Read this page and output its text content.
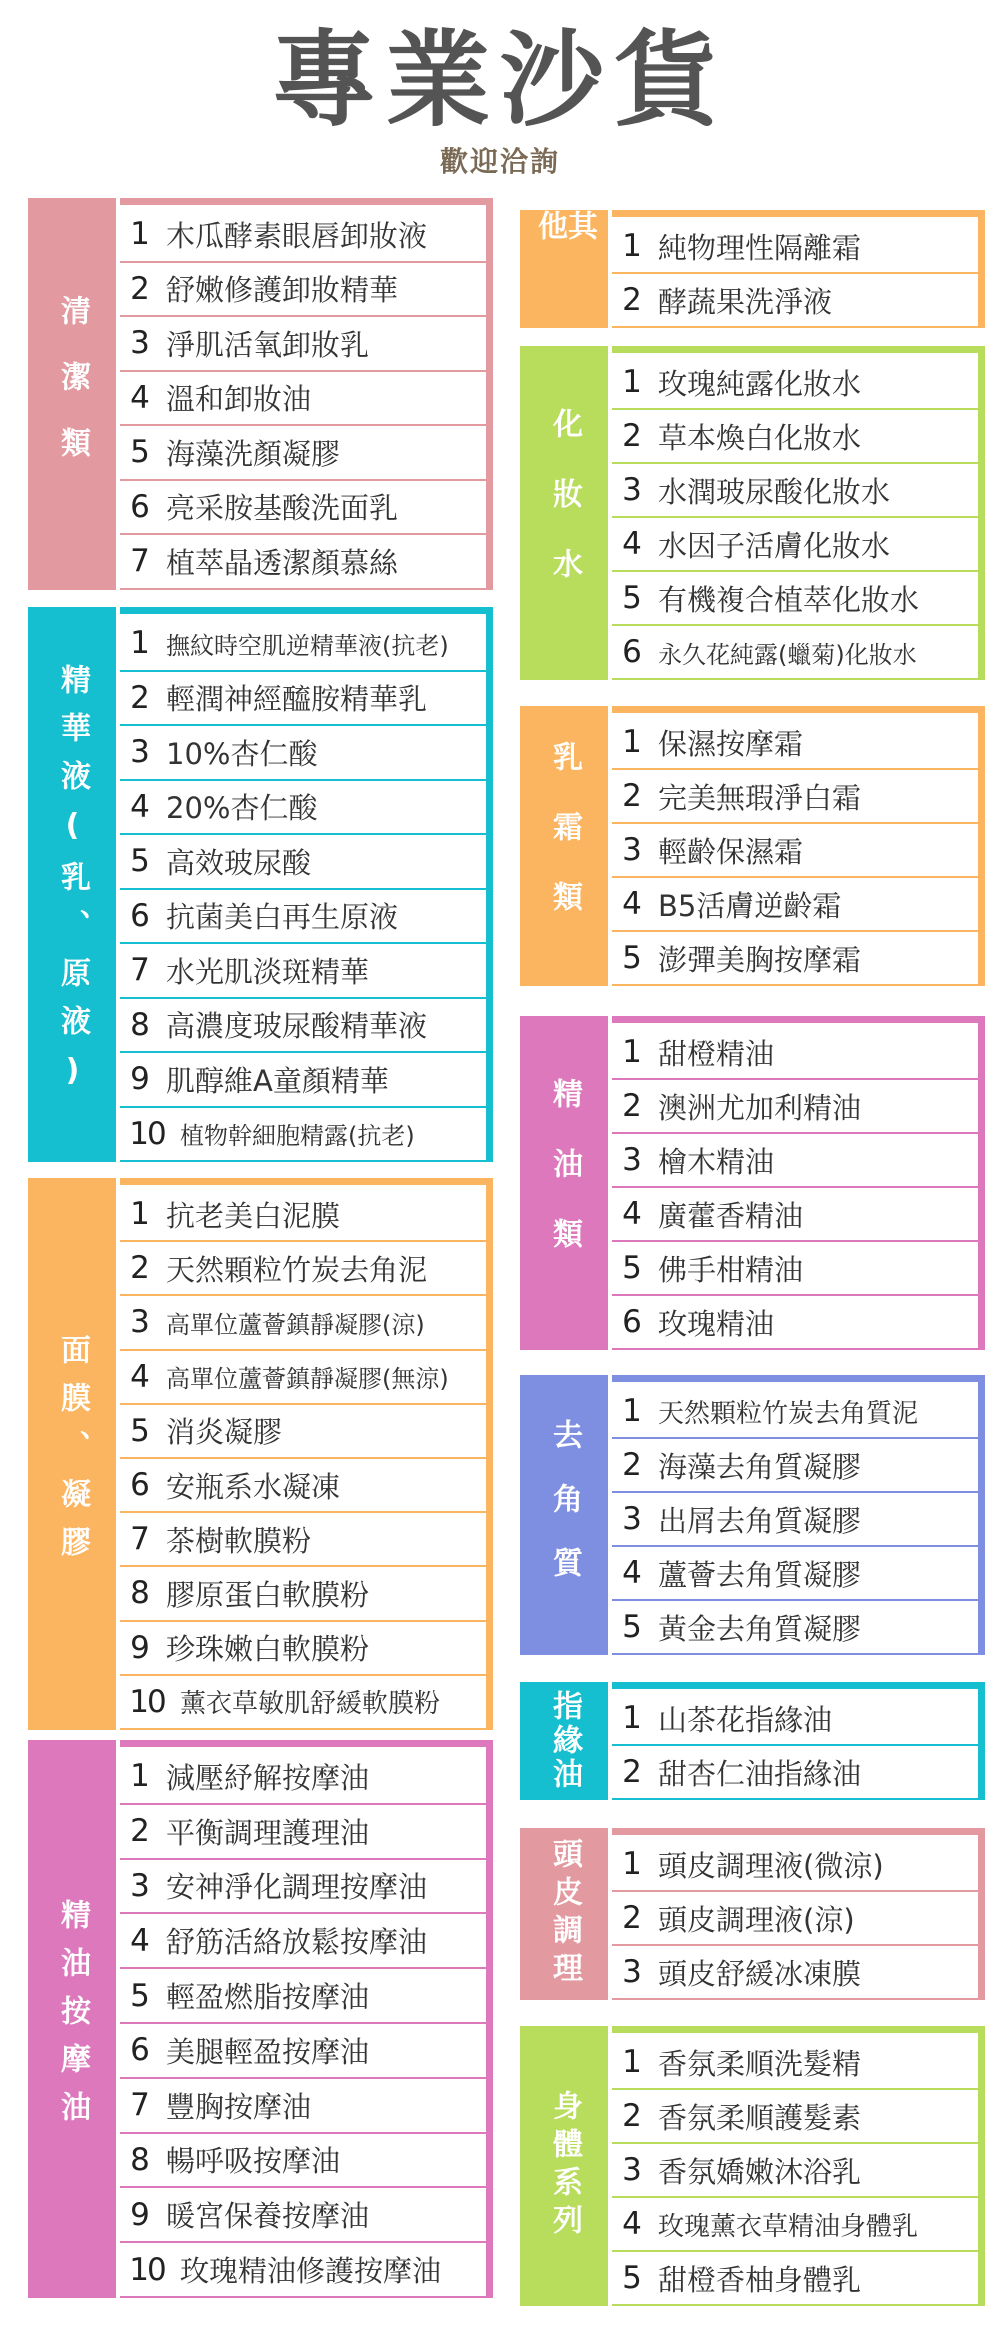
專業沙貨
歡迎洽詢
清潔類
1 木瓜酵素眼唇卸妝液
2 舒嫩修護卸妝精華
3 淨肌活氧卸妝乳
4 溫和卸妝油
5 海藻洗顏凝膠
6 亮采胺基酸洗面乳
7 植萃晶透潔顏慕絲
精華液(乳、原液)
1 撫紋時空肌逆精華液(抗老)
2 輕潤神經醯胺精華乳
3 10%杏仁酸
4 20%杏仁酸
5 高效玻尿酸
6 抗菌美白再生原液
7 水光肌淡斑精華
8 高濃度玻尿酸精華液
9 肌醇維A童顏精華
10 植物幹細胞精露(抗老)
面膜、凝膠
1 抗老美白泥膜
2 天然顆粒竹炭去角泥
3 高單位蘆薈鎮靜凝膠(涼)
4 高單位蘆薈鎮靜凝膠(無涼)
5 消炎凝膠
6 安瓶系水凝凍
7 茶樹軟膜粉
8 膠原蛋白軟膜粉
9 珍珠嫩白軟膜粉
10 薰衣草敏肌舒緩軟膜粉
精油按摩油
1 減壓紓解按摩油
2 平衡調理護理油
3 安神淨化調理按摩油
4 舒筋活絡放鬆按摩油
5 輕盈燃脂按摩油
6 美腿輕盈按摩油
7 豐胸按摩油
8 暢呼吸按摩油
9 暖宮保養按摩油
10 玫瑰精油修護按摩油
其他	1 純物理性隔離霜
2 酵蔬果洗淨液
化妝水
1 玫瑰純露化妝水
2 草本煥白化妝水
3 水潤玻尿酸化妝水
4 水因子活膚化妝水
5 有機複合植萃化妝水
6 永久花純露(蠟菊)化妝水
乳霜類	1 保濕按摩霜
2 完美無瑕淨白霜
3 輕齡保濕霜
4 B5活膚逆齡霜
5 澎彈美胸按摩霜
精油類
1 甜橙精油
2 澳洲尤加利精油
3 檜木精油
4 廣藿香精油
5 佛手柑精油
6 玫瑰精油
去角質
1 天然顆粒竹炭去角質泥
2 海藻去角質凝膠
3 出屑去角質凝膠
4 蘆薈去角質凝膠
5 黃金去角質凝膠
指緣油	1 山茶花指緣油
2 甜杏仁油指緣油
頭皮調理	1 頭皮調理液(微涼)
2 頭皮調理液(涼)
3 頭皮舒緩冰凍膜
身體系列
1 香氛柔順洗髮精
2 香氛柔順護髮素
3 香氛嬌嫩沐浴乳
4 玫瑰薰衣草精油身體乳
5 甜橙香柚身體乳
